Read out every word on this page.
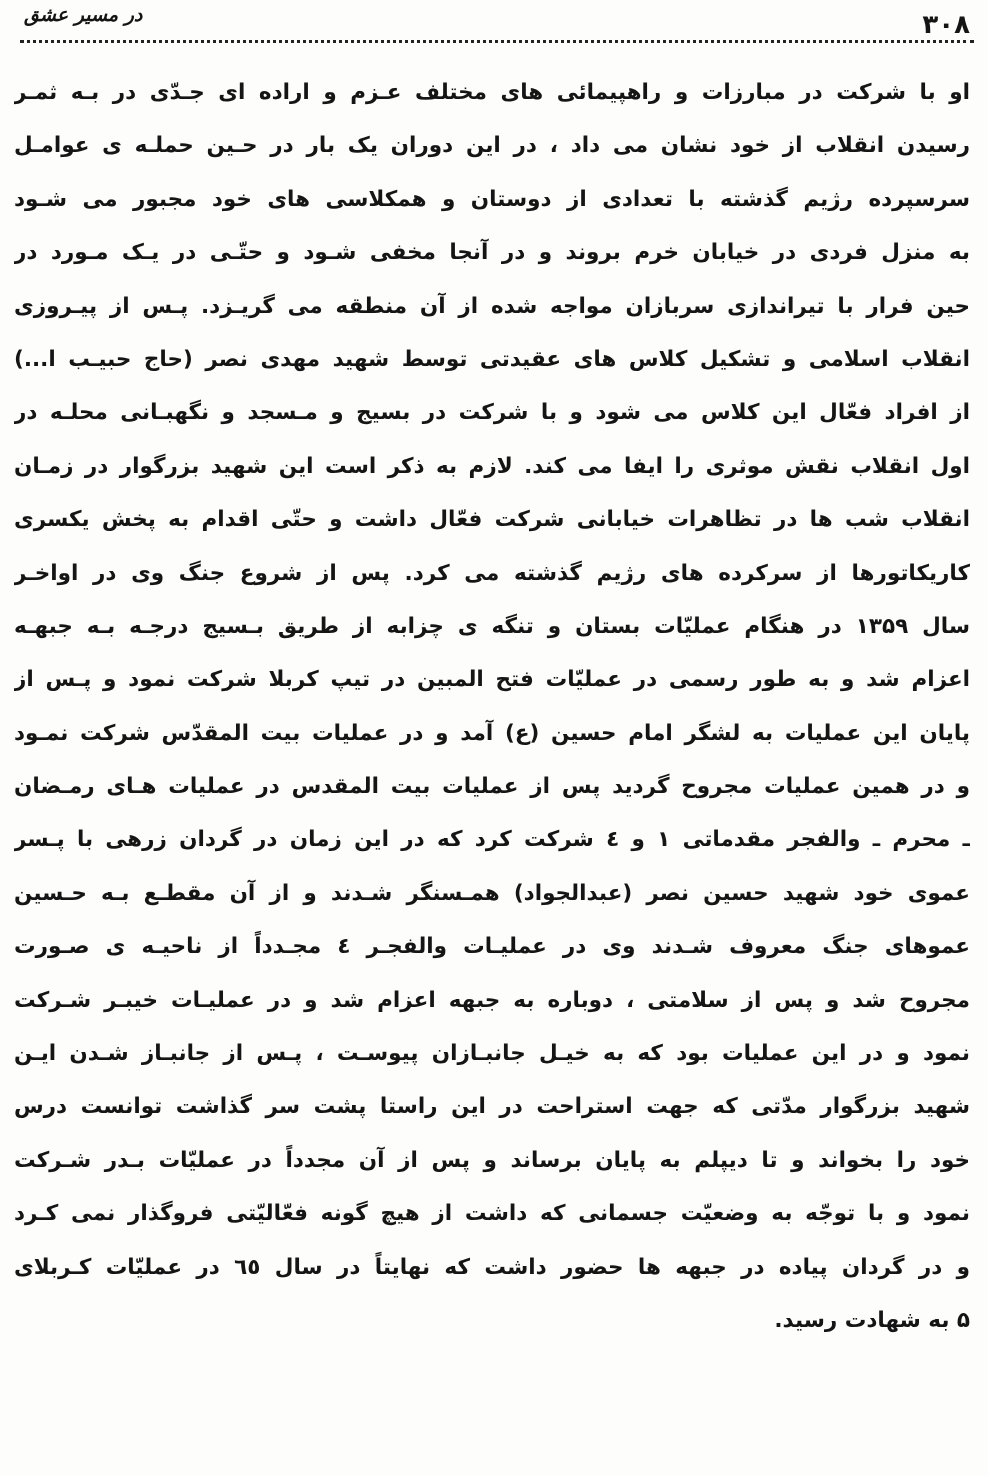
در مسیر عشق	۳۰۸
او با شرکت در مبارزات و راهپیمائی های مختلف عـزم و اراده ای جـدّی در بـه ثمـر
رسیدن انقلاب از خود نشان می داد ، در این دوران یک بار در حـین حملـه ی عوامـل
سرسپرده رژیم گذشته با تعدادی از دوستان و همکلاسی های خود مجبور می شـود
به منزل فردی در خیابان خرم بروند و در آنجا مخفی شـود و حتّـی در یـک مـورد در
حین فرار با تیراندازی سربازان مواجه شده از آن منطقه می گریـزد. پـس از پیـروزی
انقلاب اسلامی و تشکیل کلاس های عقیدتی توسط شهید مهدی نصر (حاج حبیـب ا...)
از افراد فعّال این کلاس می شود و با شرکت در بسیج و مـسجد و نگهبـانی محلـه در
اول انقلاب نقش موثری را ایفا می کند. لازم به ذکر است این شهید بزرگوار در زمـان
انقلاب شب ها در تظاهرات خیابانی شرکت فعّال داشت و حتّی اقدام به پخش یکسری
کاریکاتورها از سرکرده های رژیم گذشته می کرد. پس از شروع جنگ وی در اواخـر
سال ۱۳۵۹ در هنگام عملیّات بستان و تنگه ی چزابه از طریق بـسیج درجـه بـه جبهـه
اعزام شد و به طور رسمی در عملیّات فتح المبین در تیپ کربلا شرکت نمود و پـس از
پایان این عملیات به لشگر امام حسین (ع) آمد و در عملیات بیت المقدّس شرکت نمـود
و در همین عملیات مجروح گردید پس از عملیات بیت المقدس در عملیات هـای رمـضان
ـ محرم ـ والفجر مقدماتی ۱ و ٤ شرکت کرد که در این زمان در گردان زرهی با پـسر
عموی خود شهید حسین نصر (عبدالجواد) همـسنگر شـدند و از آن مقطـع بـه حـسین
عموهای جنگ معروف شـدند وی در عملیـات والفجـر ٤ مجـدداً از ناحیـه ی صـورت
مجروح شد و پس از سلامتی ، دوباره به جبهه اعزام شد و در عملیـات خیبـر شـرکت
نمود و در این عملیات بود که به خیـل جانبـازان پیوسـت ، پـس از جانبـاز شـدن ایـن
شهید بزرگوار مدّتی که جهت استراحت در این راستا پشت سر گذاشت توانست درس
خود را بخواند و تا دیپلم به پایان برساند و پس از آن مجدداً در عملیّات بـدر شـرکت
نمود و با توجّه به وضعیّت جسمانی که داشت از هیچ گونه فعّالیّتی فروگذار نمی کـرد
و در گردان پیاده در جبهه ها حضور داشت که نهایتاً در سال ٦٥ در عملیّات کـربلای
۵ به شهادت رسید.
